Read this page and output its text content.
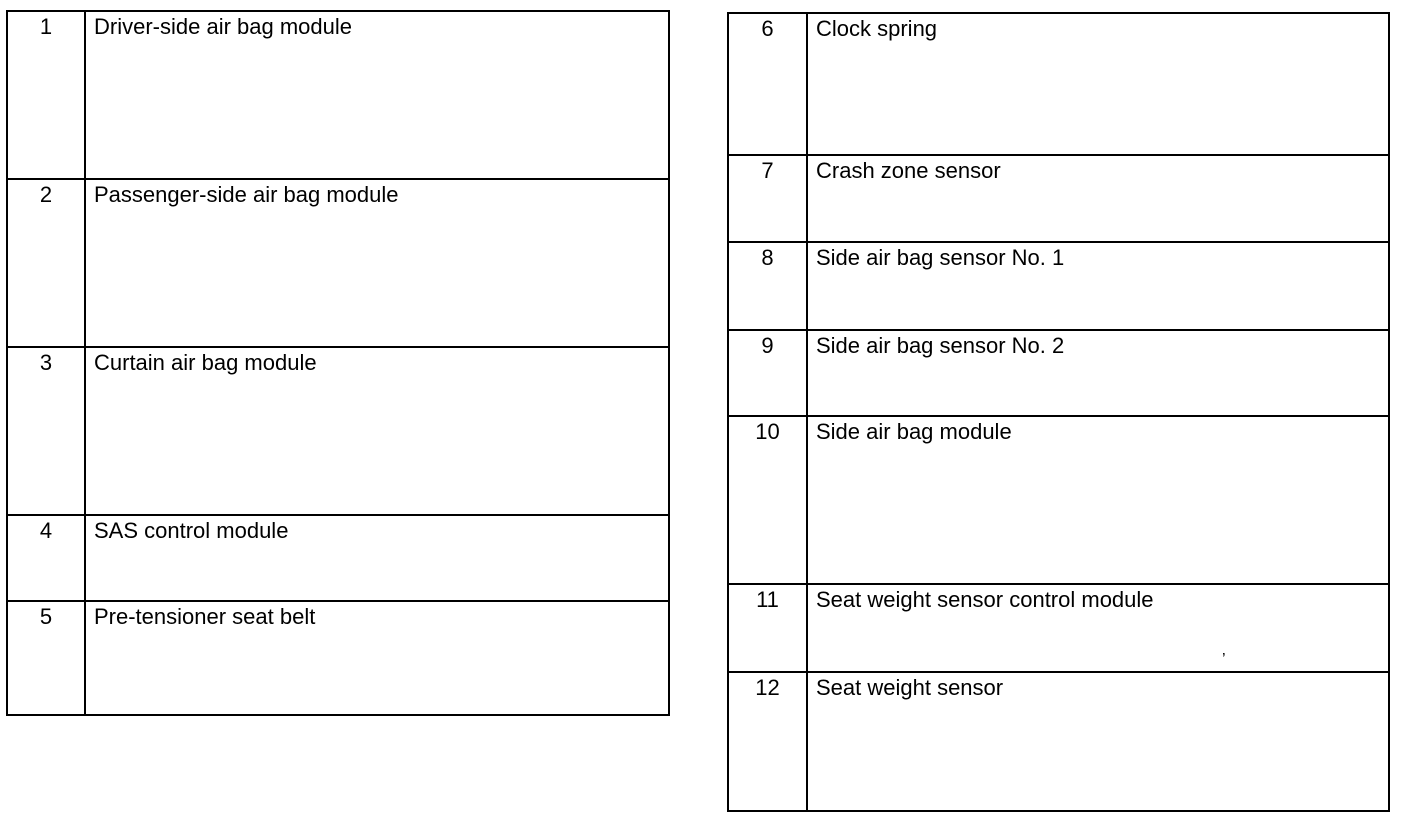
1	Driver-side air bag module
2	Passenger-side air bag module
3	Curtain air bag module
4	SAS control module
5	Pre-tensioner seat belt
6	Clock spring
7	Crash zone sensor
8	Side air bag sensor No. 1
9	Side air bag sensor No. 2
10	Side air bag module
11	Seat weight sensor control module
12	Seat weight sensor
’
